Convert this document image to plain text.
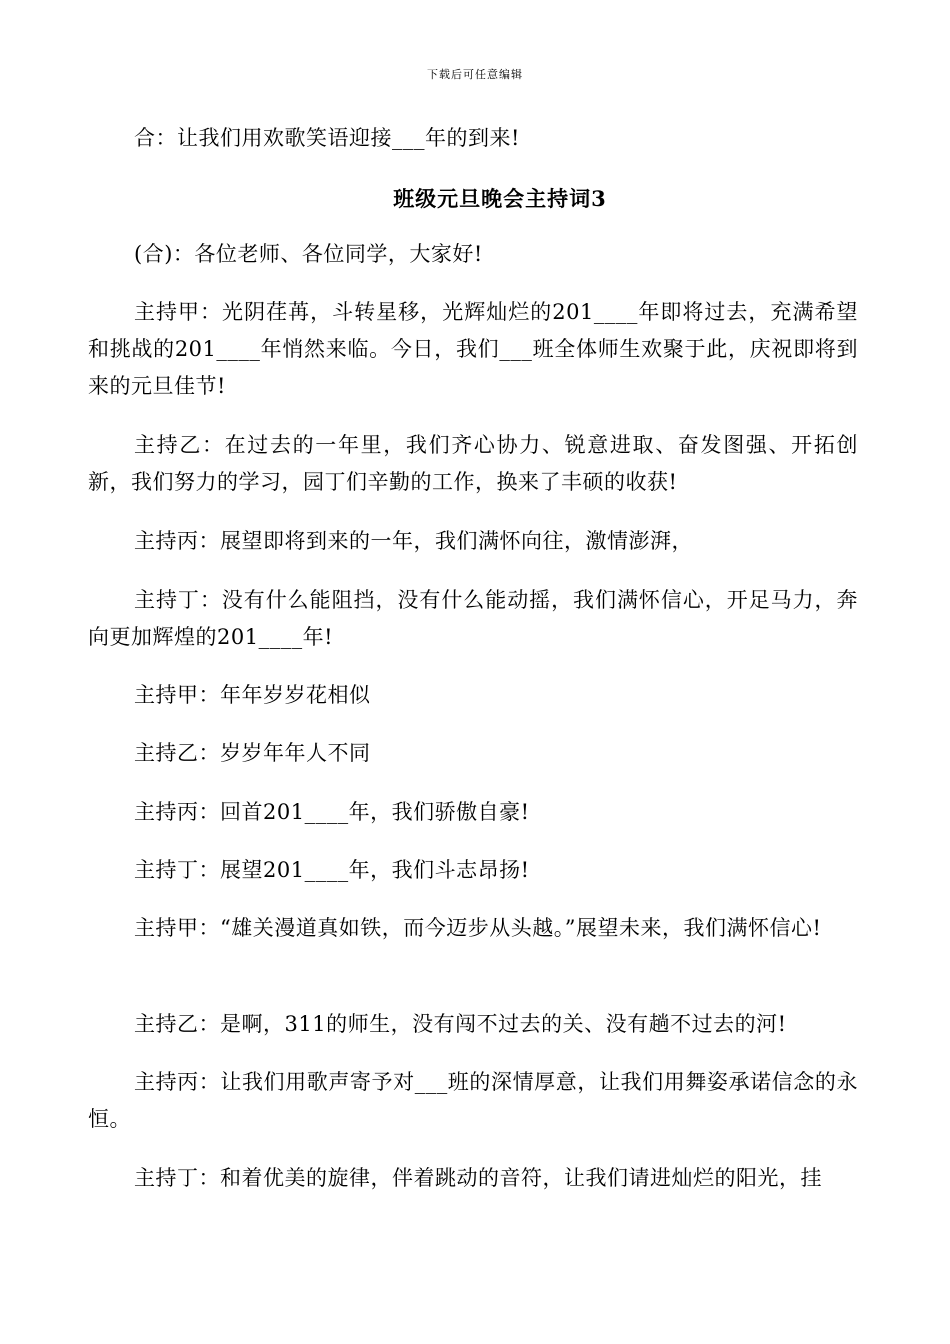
下载后可任意编辑

合：让我们用欢歌笑语迎接___年的到来!

班级元旦晚会主持词3

(合)：各位老师、各位同学，大家好!

主持甲：光阴荏苒，斗转星移，光辉灿烂的201____年即将过去，充满希望和挑战的201____年悄然来临。今日，我们___班全体师生欢聚于此，庆祝即将到来的元旦佳节!

主持乙：在过去的一年里，我们齐心协力、锐意进取、奋发图强、开拓创新，我们努力的学习，园丁们辛勤的工作，换来了丰硕的收获!

主持丙：展望即将到来的一年，我们满怀向往，激情澎湃，

主持丁：没有什么能阻挡，没有什么能动摇，我们满怀信心，开足马力，奔向更加辉煌的201____年!

主持甲：年年岁岁花相似

主持乙：岁岁年年人不同

主持丙：回首201____年，我们骄傲自豪!

主持丁：展望201____年，我们斗志昂扬!

主持甲：“雄关漫道真如铁，而今迈步从头越。”展望未来，我们满怀信心!

主持乙：是啊，311的师生，没有闯不过去的关、没有趟不过去的河!

主持丙：让我们用歌声寄予对___班的深情厚意，让我们用舞姿承诺信念的永恒。

主持丁：和着优美的旋律，伴着跳动的音符，让我们请进灿烂的阳光，挂
